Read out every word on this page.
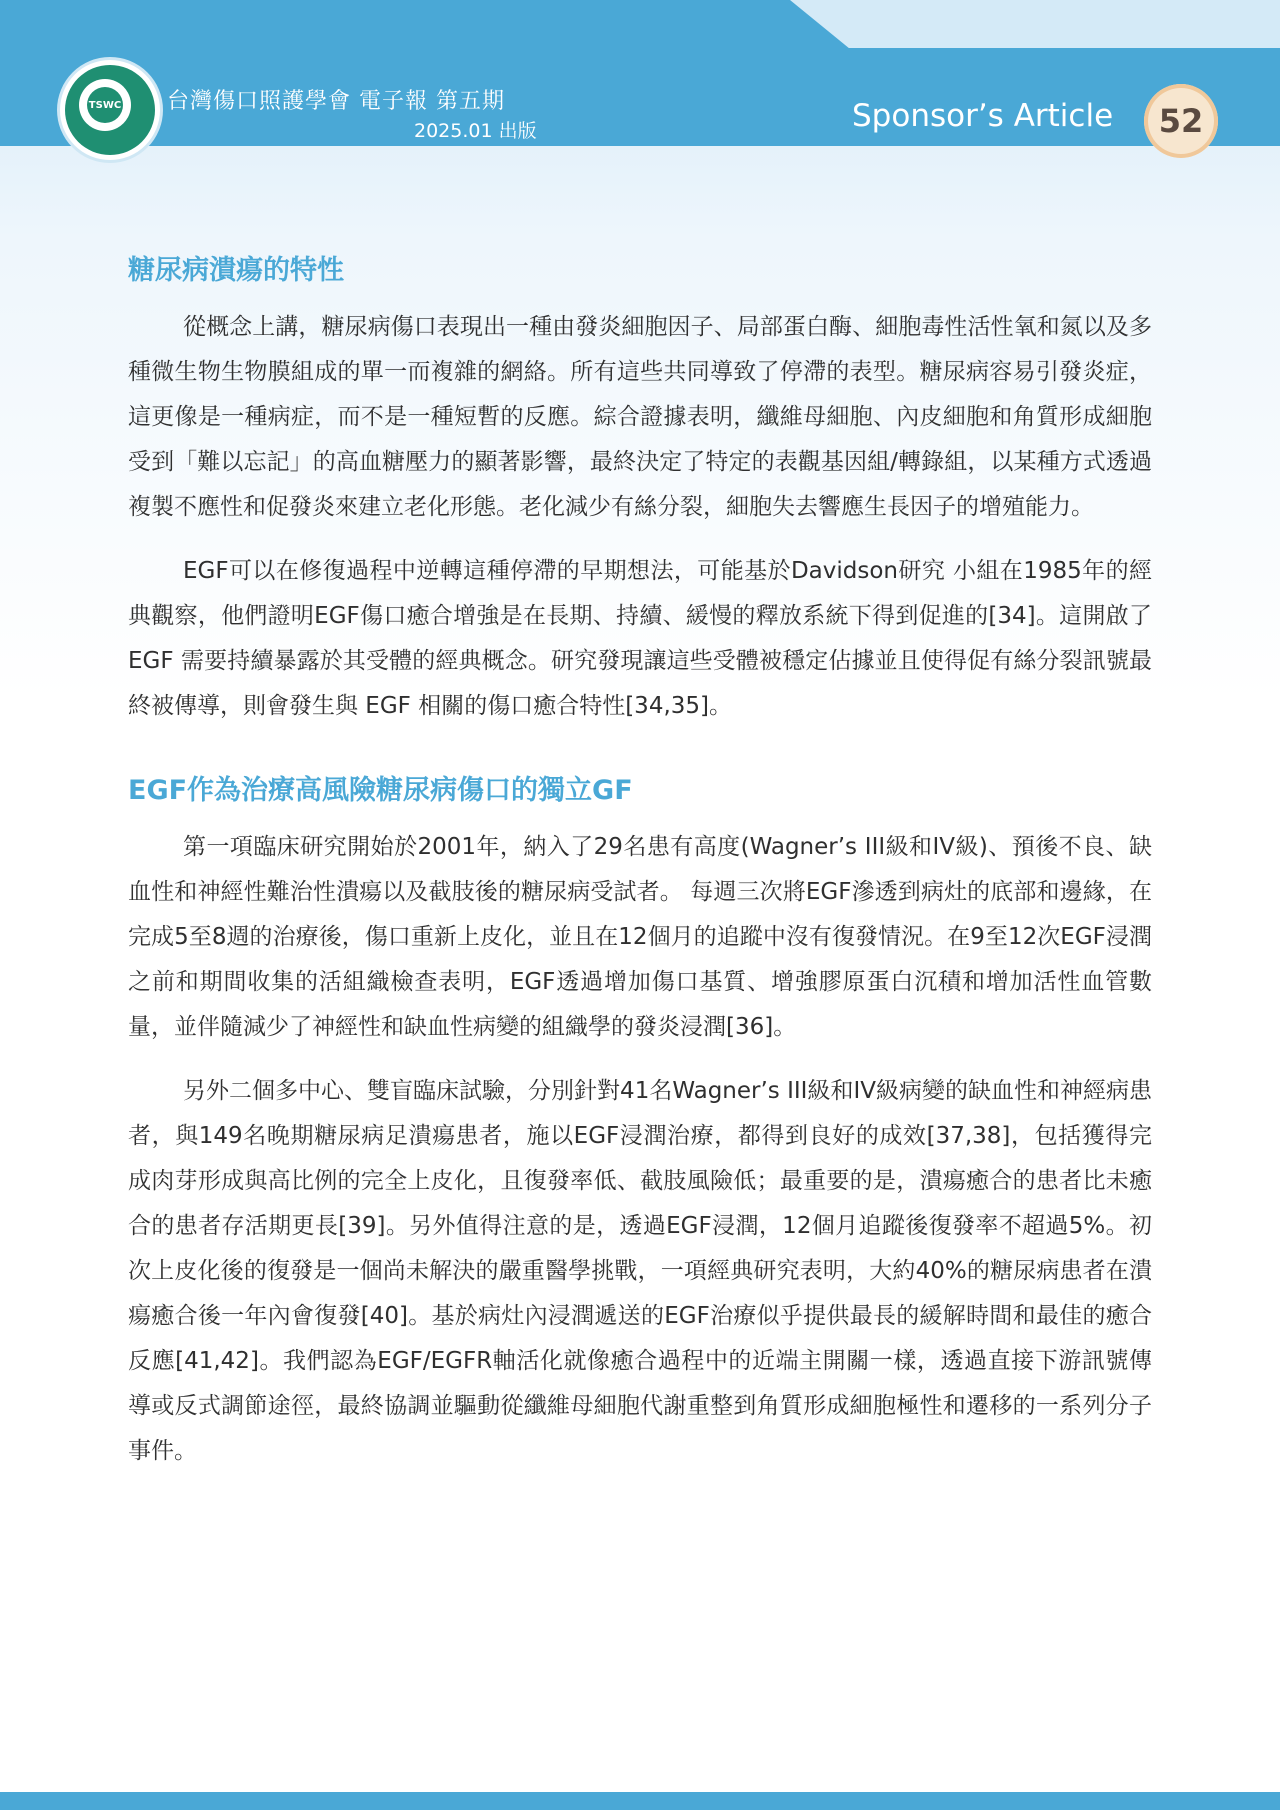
TSWC 台灣傷口照護學會 電子報 第五期
2025.01 出版	Sponsor’s Article	52
糖尿病潰瘍的特性

從概念上講，糖尿病傷口表現出一種由發炎細胞因子、局部蛋白酶、細胞毒性活性氧和氮以及多種微生物生物膜組成的單一而複雜的網絡。所有這些共同導致了停滯的表型。糖尿病容易引發炎症，這更像是一種病症，而不是一種短暫的反應。綜合證據表明，纖維母細胞、內皮細胞和角質形成細胞受到「難以忘記」的高血糖壓力的顯著影響，最終決定了特定的表觀基因組/轉錄組，以某種方式透過複製不應性和促發炎來建立老化形態。老化減少有絲分裂，細胞失去響應生長因子的增殖能力。

EGF可以在修復過程中逆轉這種停滯的早期想法，可能基於Davidson研究 小組在1985年的經典觀察，他們證明EGF傷口癒合增強是在長期、持續、緩慢的釋放系統下得到促進的[34]。這開啟了EGF 需要持續暴露於其受體的經典概念。研究發現讓這些受體被穩定佔據並且使得促有絲分裂訊號最終被傳導，則會發生與 EGF 相關的傷口癒合特性[34,35]。

EGF作為治療高風險糖尿病傷口的獨立GF

第一項臨床研究開始於2001年，納入了29名患有高度(Wagner’s III級和IV級)、預後不良、缺血性和神經性難治性潰瘍以及截肢後的糖尿病受試者。 每週三次將EGF滲透到病灶的底部和邊緣，在完成5至8週的治療後，傷口重新上皮化，並且在12個月的追蹤中沒有復發情況。在9至12次EGF浸潤之前和期間收集的活組織檢查表明，EGF透過增加傷口基質、增強膠原蛋白沉積和增加活性血管數量，並伴隨減少了神經性和缺血性病變的組織學的發炎浸潤[36]。

另外二個多中心、雙盲臨床試驗，分別針對41名Wagner’s III級和IV級病變的缺血性和神經病患者，與149名晚期糖尿病足潰瘍患者，施以EGF浸潤治療，都得到良好的成效[37,38]，包括獲得完成肉芽形成與高比例的完全上皮化，且復發率低、截肢風險低；最重要的是，潰瘍癒合的患者比未癒合的患者存活期更長[39]。另外值得注意的是，透過EGF浸潤，12個月追蹤後復發率不超過5%。初次上皮化後的復發是一個尚未解決的嚴重醫學挑戰，一項經典研究表明，大約40%的糖尿病患者在潰瘍癒合後一年內會復發[40]。基於病灶內浸潤遞送的EGF治療似乎提供最長的緩解時間和最佳的癒合反應[41,42]。我們認為EGF/EGFR軸活化就像癒合過程中的近端主開關一樣，透過直接下游訊號傳導或反式調節途徑，最終協調並驅動從纖維母細胞代謝重整到角質形成細胞極性和遷移的一系列分子事件。
